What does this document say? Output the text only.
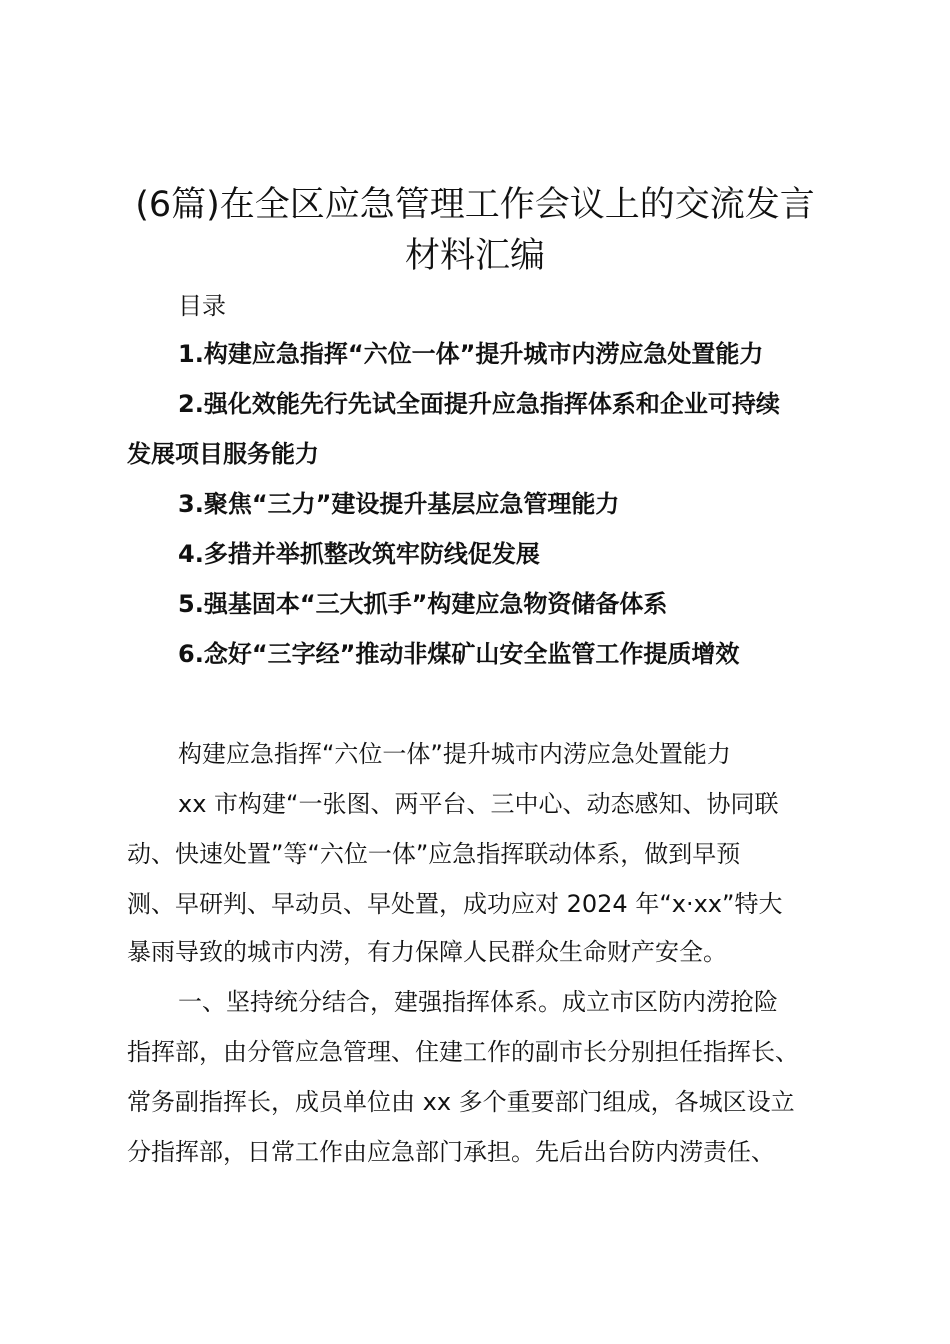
(6篇)在全区应急管理工作会议上的交流发言
材料汇编

目录

1.构建应急指挥“六位一体”提升城市内涝应急处置能力

2.强化效能先行先试全面提升应急指挥体系和企业可持续

发展项目服务能力

3.聚焦“三力”建设提升基层应急管理能力

4.多措并举抓整改筑牢防线促发展

5.强基固本“三大抓手”构建应急物资储备体系

6.念好“三字经”推动非煤矿山安全监管工作提质增效

构建应急指挥“六位一体”提升城市内涝应急处置能力

xx 市构建“一张图、两平台、三中心、动态感知、协同联

动、快速处置”等“六位一体”应急指挥联动体系，做到早预

测、早研判、早动员、早处置，成功应对 2024 年“x·xx”特大

暴雨导致的城市内涝，有力保障人民群众生命财产安全。

一、坚持统分结合，建强指挥体系。成立市区防内涝抢险

指挥部，由分管应急管理、住建工作的副市长分别担任指挥长、

常务副指挥长，成员单位由 xx 多个重要部门组成，各城区设立

分指挥部，日常工作由应急部门承担。先后出台防内涝责任、
